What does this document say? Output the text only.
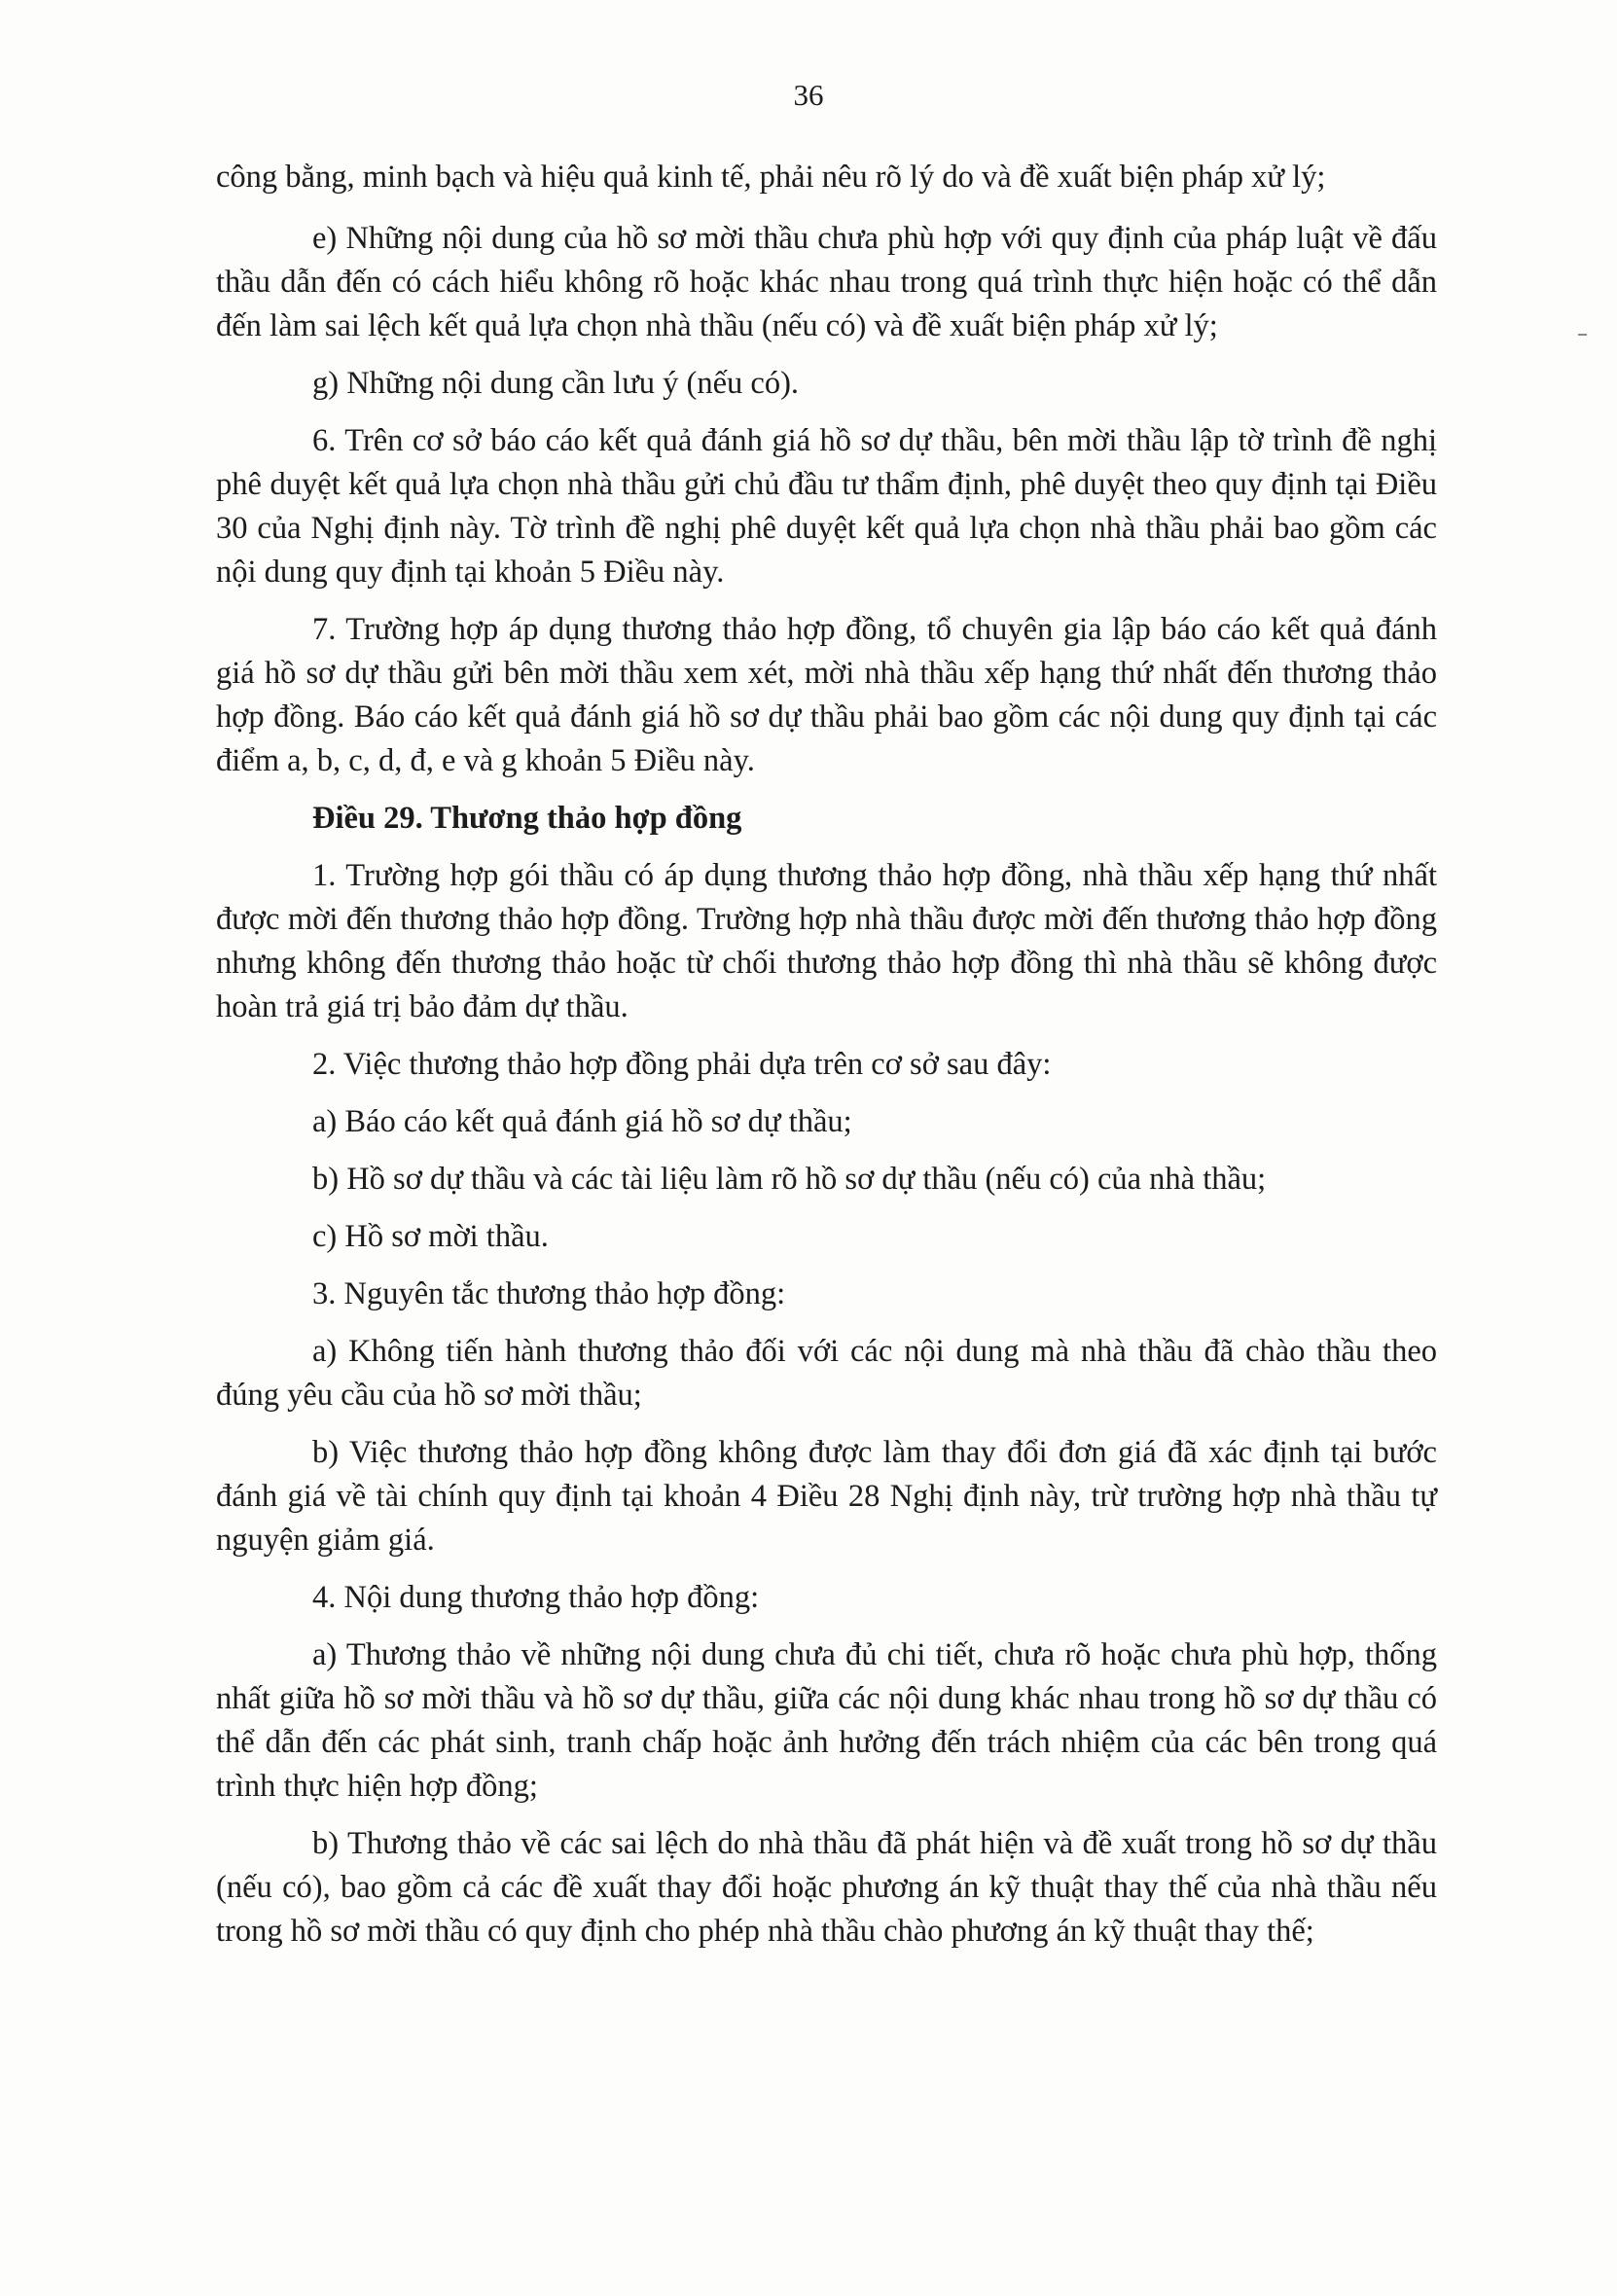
36

công bằng, minh bạch và hiệu quả kinh tế, phải nêu rõ lý do và đề xuất biện pháp xử lý;

e) Những nội dung của hồ sơ mời thầu chưa phù hợp với quy định của pháp luật về đấu thầu dẫn đến có cách hiểu không rõ hoặc khác nhau trong quá trình thực hiện hoặc có thể dẫn đến làm sai lệch kết quả lựa chọn nhà thầu (nếu có) và đề xuất biện pháp xử lý;

g) Những nội dung cần lưu ý (nếu có).

6. Trên cơ sở báo cáo kết quả đánh giá hồ sơ dự thầu, bên mời thầu lập tờ trình đề nghị phê duyệt kết quả lựa chọn nhà thầu gửi chủ đầu tư thẩm định, phê duyệt theo quy định tại Điều 30 của Nghị định này. Tờ trình đề nghị phê duyệt kết quả lựa chọn nhà thầu phải bao gồm các nội dung quy định tại khoản 5 Điều này.

7. Trường hợp áp dụng thương thảo hợp đồng, tổ chuyên gia lập báo cáo kết quả đánh giá hồ sơ dự thầu gửi bên mời thầu xem xét, mời nhà thầu xếp hạng thứ nhất đến thương thảo hợp đồng. Báo cáo kết quả đánh giá hồ sơ dự thầu phải bao gồm các nội dung quy định tại các điểm a, b, c, d, đ, e và g khoản 5 Điều này.

Điều 29. Thương thảo hợp đồng

1. Trường hợp gói thầu có áp dụng thương thảo hợp đồng, nhà thầu xếp hạng thứ nhất được mời đến thương thảo hợp đồng. Trường hợp nhà thầu được mời đến thương thảo hợp đồng nhưng không đến thương thảo hoặc từ chối thương thảo hợp đồng thì nhà thầu sẽ không được hoàn trả giá trị bảo đảm dự thầu.

2. Việc thương thảo hợp đồng phải dựa trên cơ sở sau đây:

a) Báo cáo kết quả đánh giá hồ sơ dự thầu;

b) Hồ sơ dự thầu và các tài liệu làm rõ hồ sơ dự thầu (nếu có) của nhà thầu;

c) Hồ sơ mời thầu.

3. Nguyên tắc thương thảo hợp đồng:

a) Không tiến hành thương thảo đối với các nội dung mà nhà thầu đã chào thầu theo đúng yêu cầu của hồ sơ mời thầu;

b) Việc thương thảo hợp đồng không được làm thay đổi đơn giá đã xác định tại bước đánh giá về tài chính quy định tại khoản 4 Điều 28 Nghị định này, trừ trường hợp nhà thầu tự nguyện giảm giá.

4. Nội dung thương thảo hợp đồng:

a) Thương thảo về những nội dung chưa đủ chi tiết, chưa rõ hoặc chưa phù hợp, thống nhất giữa hồ sơ mời thầu và hồ sơ dự thầu, giữa các nội dung khác nhau trong hồ sơ dự thầu có thể dẫn đến các phát sinh, tranh chấp hoặc ảnh hưởng đến trách nhiệm của các bên trong quá trình thực hiện hợp đồng;

b) Thương thảo về các sai lệch do nhà thầu đã phát hiện và đề xuất trong hồ sơ dự thầu (nếu có), bao gồm cả các đề xuất thay đổi hoặc phương án kỹ thuật thay thế của nhà thầu nếu trong hồ sơ mời thầu có quy định cho phép nhà thầu chào phương án kỹ thuật thay thế;
